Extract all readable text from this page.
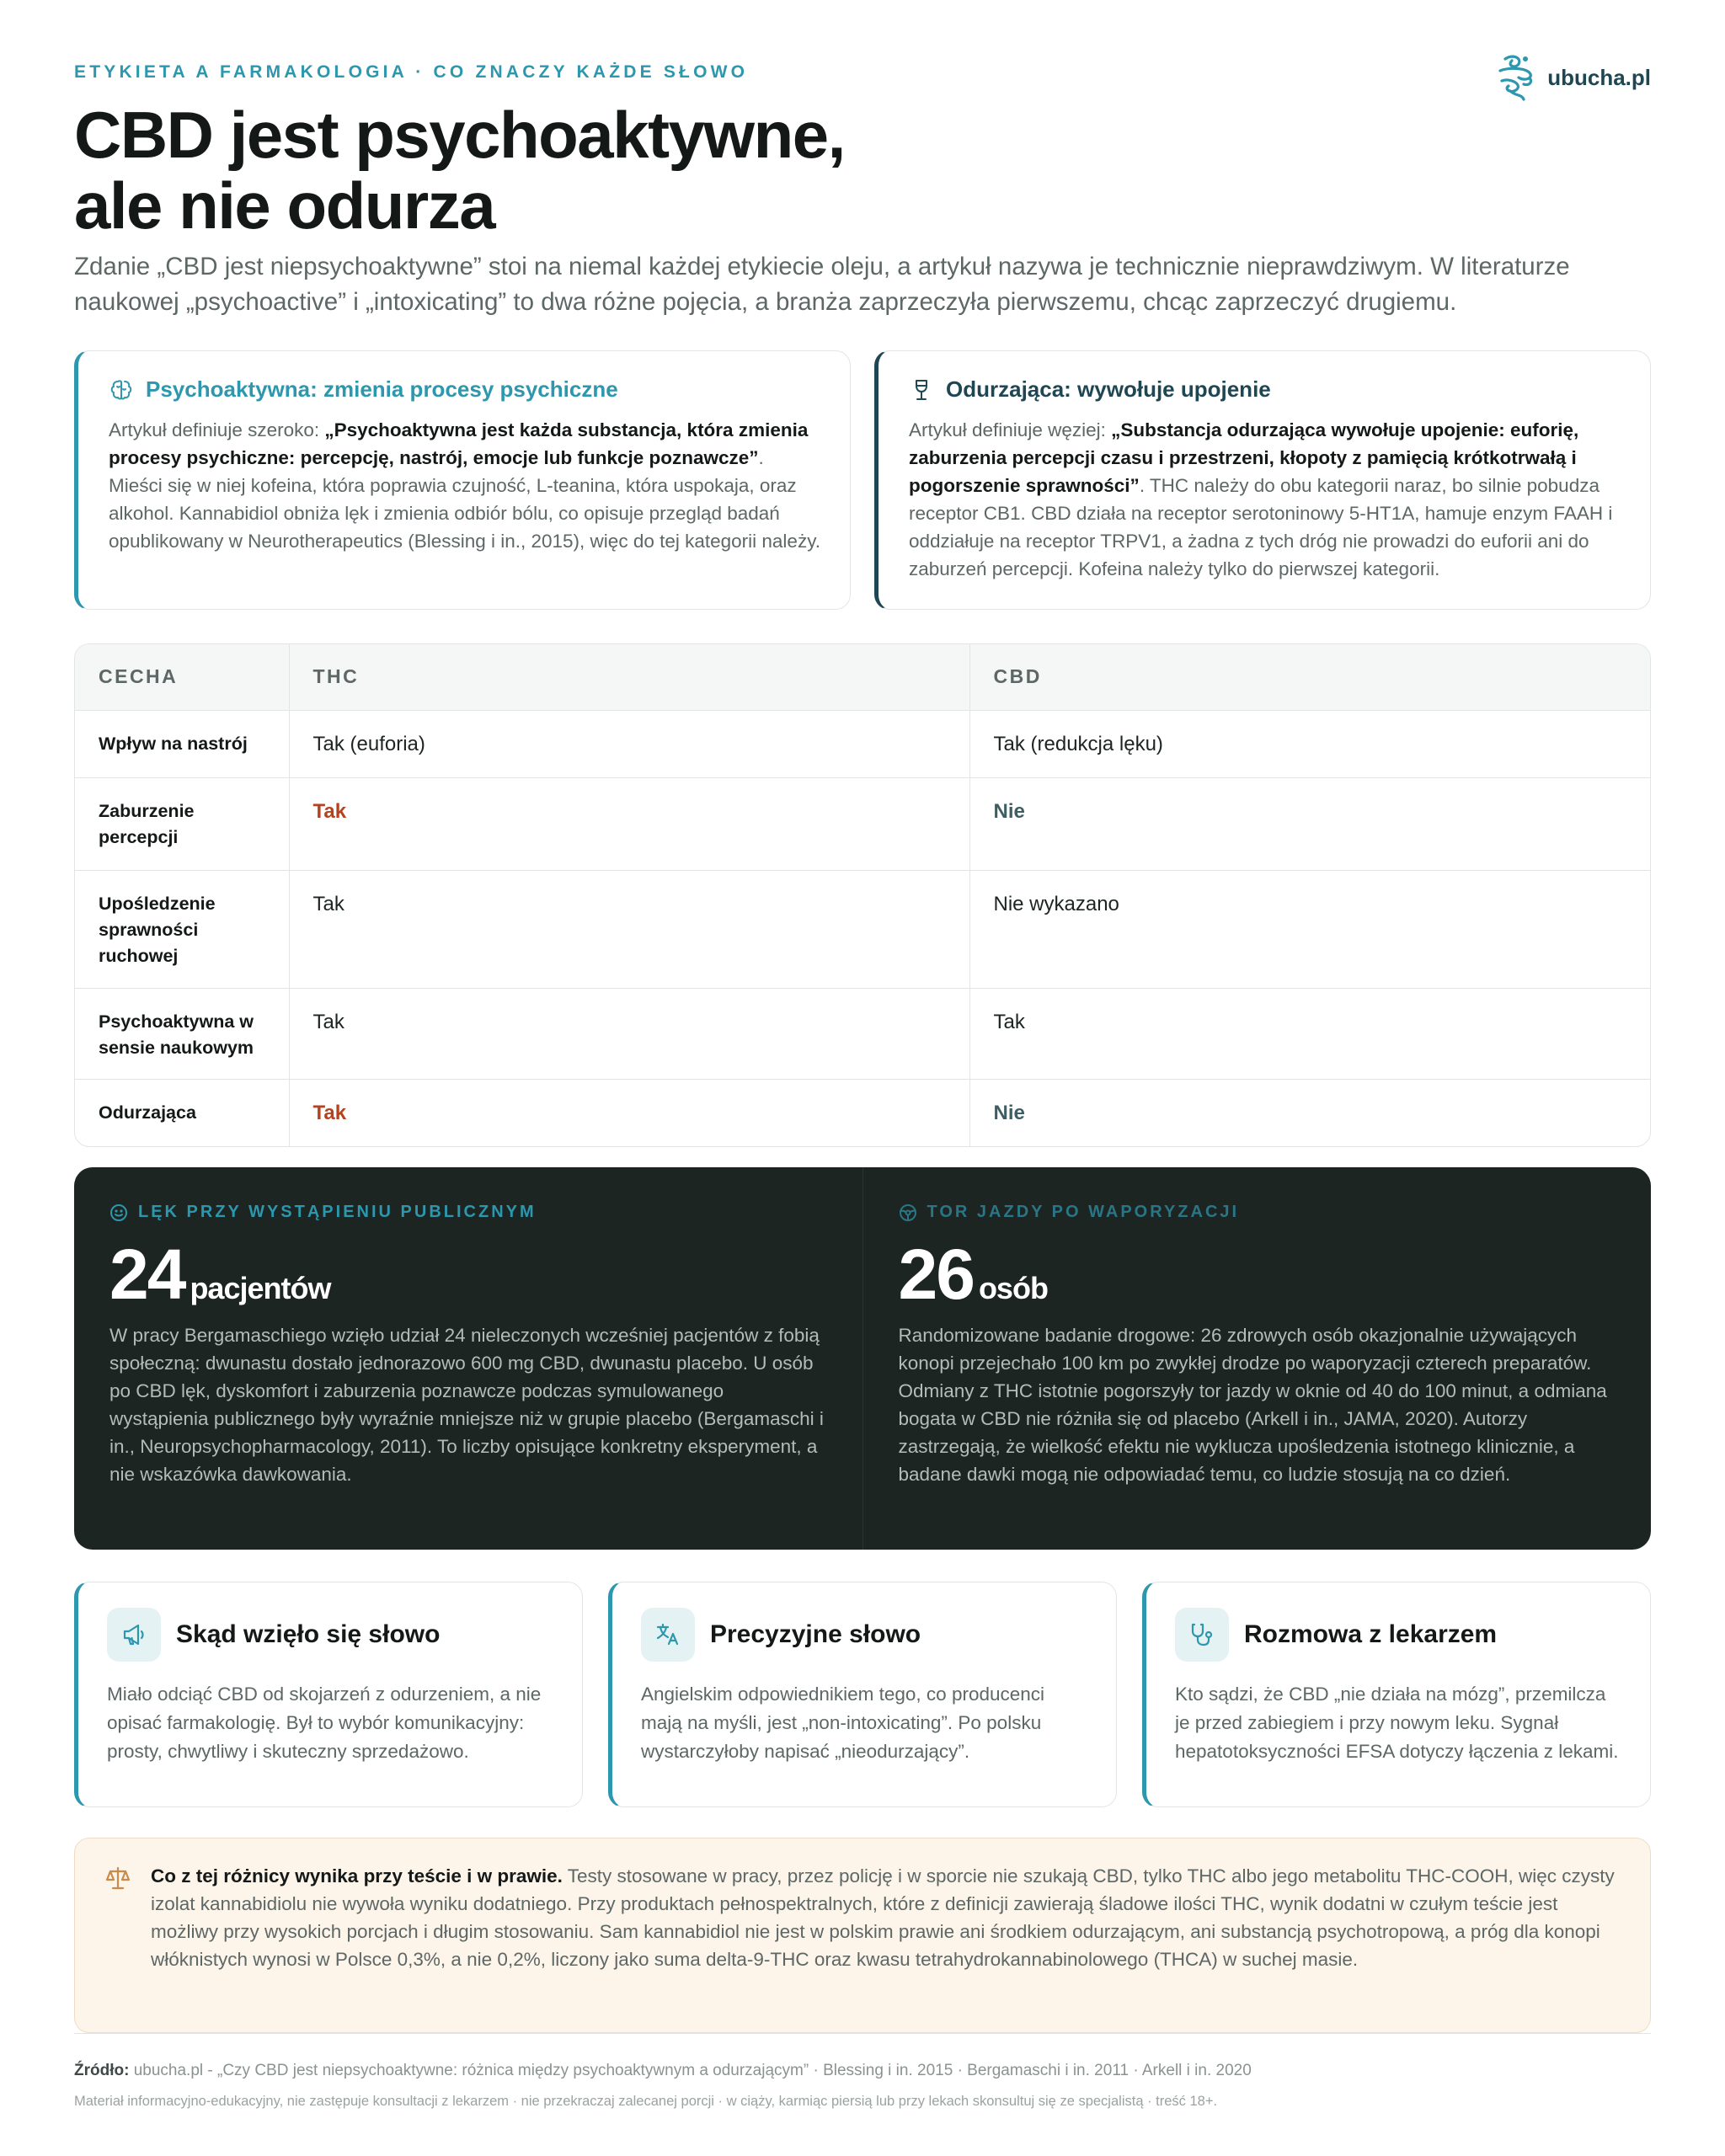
ETYKIETA A FARMAKOLOGIA · CO ZNACZY KAŻDE SŁOWO	ubucha.pl
CBD jest psychoaktywne,
ale nie odurza

Zdanie „CBD jest niepsychoaktywne” stoi na niemal każdej etykiecie oleju, a artykuł nazywa je technicznie nieprawdziwym. W literaturze naukowej „psychoactive” i „intoxicating” to dwa różne pojęcia, a branża zaprzeczyła pierwszemu, chcąc zaprzeczyć drugiemu.

Psychoaktywna: zmienia procesy psychiczne

Artykuł definiuje szeroko: „Psychoaktywna jest każda substancja, która zmienia procesy psychiczne: percepcję, nastrój, emocje lub funkcje poznawcze”. Mieści się w niej kofeina, która poprawia czujność, L-teanina, która uspokaja, oraz alkohol. Kannabidiol obniża lęk i zmienia odbiór bólu, co opisuje przegląd badań opublikowany w Neurotherapeutics (Blessing i in., 2015), więc do tej kategorii należy.

Odurzająca: wywołuje upojenie

Artykuł definiuje węziej: „Substancja odurzająca wywołuje upojenie: euforię, zaburzenia percepcji czasu i przestrzeni, kłopoty z pamięcią krótkotrwałą i pogorszenie sprawności”. THC należy do obu kategorii naraz, bo silnie pobudza receptor CB1. CBD działa na receptor serotoninowy 5-HT1A, hamuje enzym FAAH i oddziałuje na receptor TRPV1, a żadna z tych dróg nie prowadzi do euforii ani do zaburzeń percepcji. Kofeina należy tylko do pierwszej kategorii.

CECHA	THC	CBD
Wpływ na nastrój	Tak (euforia)	Tak (redukcja lęku)
Zaburzenie percepcji	Tak	Nie
Upośledzenie sprawności ruchowej	Tak	Nie wykazano
Psychoaktywna w sensie naukowym	Tak	Tak
Odurzająca	Tak	Nie
LĘK PRZY WYSTĄPIENIU PUBLICZNYM
24 pacjentów

W pracy Bergamaschiego wzięło udział 24 nieleczonych wcześniej pacjentów z fobią społeczną: dwunastu dostało jednorazowo 600 mg CBD, dwunastu placebo. U osób po CBD lęk, dyskomfort i zaburzenia poznawcze podczas symulowanego wystąpienia publicznego były wyraźnie mniejsze niż w grupie placebo (Bergamaschi i in., Neuropsychopharmacology, 2011). To liczby opisujące konkretny eksperyment, a nie wskazówka dawkowania.

TOR JAZDY PO WAPORYZACJI
26 osób

Randomizowane badanie drogowe: 26 zdrowych osób okazjonalnie używających konopi przejechało 100 km po zwykłej drodze po waporyzacji czterech preparatów. Odmiany z THC istotnie pogorszyły tor jazdy w oknie od 40 do 100 minut, a odmiana bogata w CBD nie różniła się od placebo (Arkell i in., JAMA, 2020). Autorzy zastrzegają, że wielkość efektu nie wyklucza upośledzenia istotnego klinicznie, a badane dawki mogą nie odpowiadać temu, co ludzie stosują na co dzień.

Skąd wzięło się słowo

Miało odciąć CBD od skojarzeń z odurzeniem, a nie opisać farmakologię. Był to wybór komunikacyjny: prosty, chwytliwy i skuteczny sprzedażowo.

Precyzyjne słowo

Angielskim odpowiednikiem tego, co producenci mają na myśli, jest „non-intoxicating”. Po polsku wystarczyłoby napisać „nieodurzający”.

Rozmowa z lekarzem

Kto sądzi, że CBD „nie działa na mózg”, przemilcza je przed zabiegiem i przy nowym leku. Sygnał hepatotoksyczności EFSA dotyczy łączenia z lekami.

Co z tej różnicy wynika przy teście i w prawie. Testy stosowane w pracy, przez policję i w sporcie nie szukają CBD, tylko THC albo jego metabolitu THC-COOH, więc czysty izolat kannabidiolu nie wywoła wyniku dodatniego. Przy produktach pełnospektralnych, które z definicji zawierają śladowe ilości THC, wynik dodatni w czułym teście jest możliwy przy wysokich porcjach i długim stosowaniu. Sam kannabidiol nie jest w polskim prawie ani środkiem odurzającym, ani substancją psychotropową, a próg dla konopi włóknistych wynosi w Polsce 0,3%, a nie 0,2%, liczony jako suma delta-9-THC oraz kwasu tetrahydrokannabinolowego (THCA) w suchej masie.

Źródło: ubucha.pl - „Czy CBD jest niepsychoaktywne: różnica między psychoaktywnym a odurzającym” · Blessing i in. 2015 · Bergamaschi i in. 2011 · Arkell i in. 2020

Materiał informacyjno-edukacyjny, nie zastępuje konsultacji z lekarzem · nie przekraczaj zalecanej porcji · w ciąży, karmiąc piersią lub przy lekach skonsultuj się ze specjalistą · treść 18+.
